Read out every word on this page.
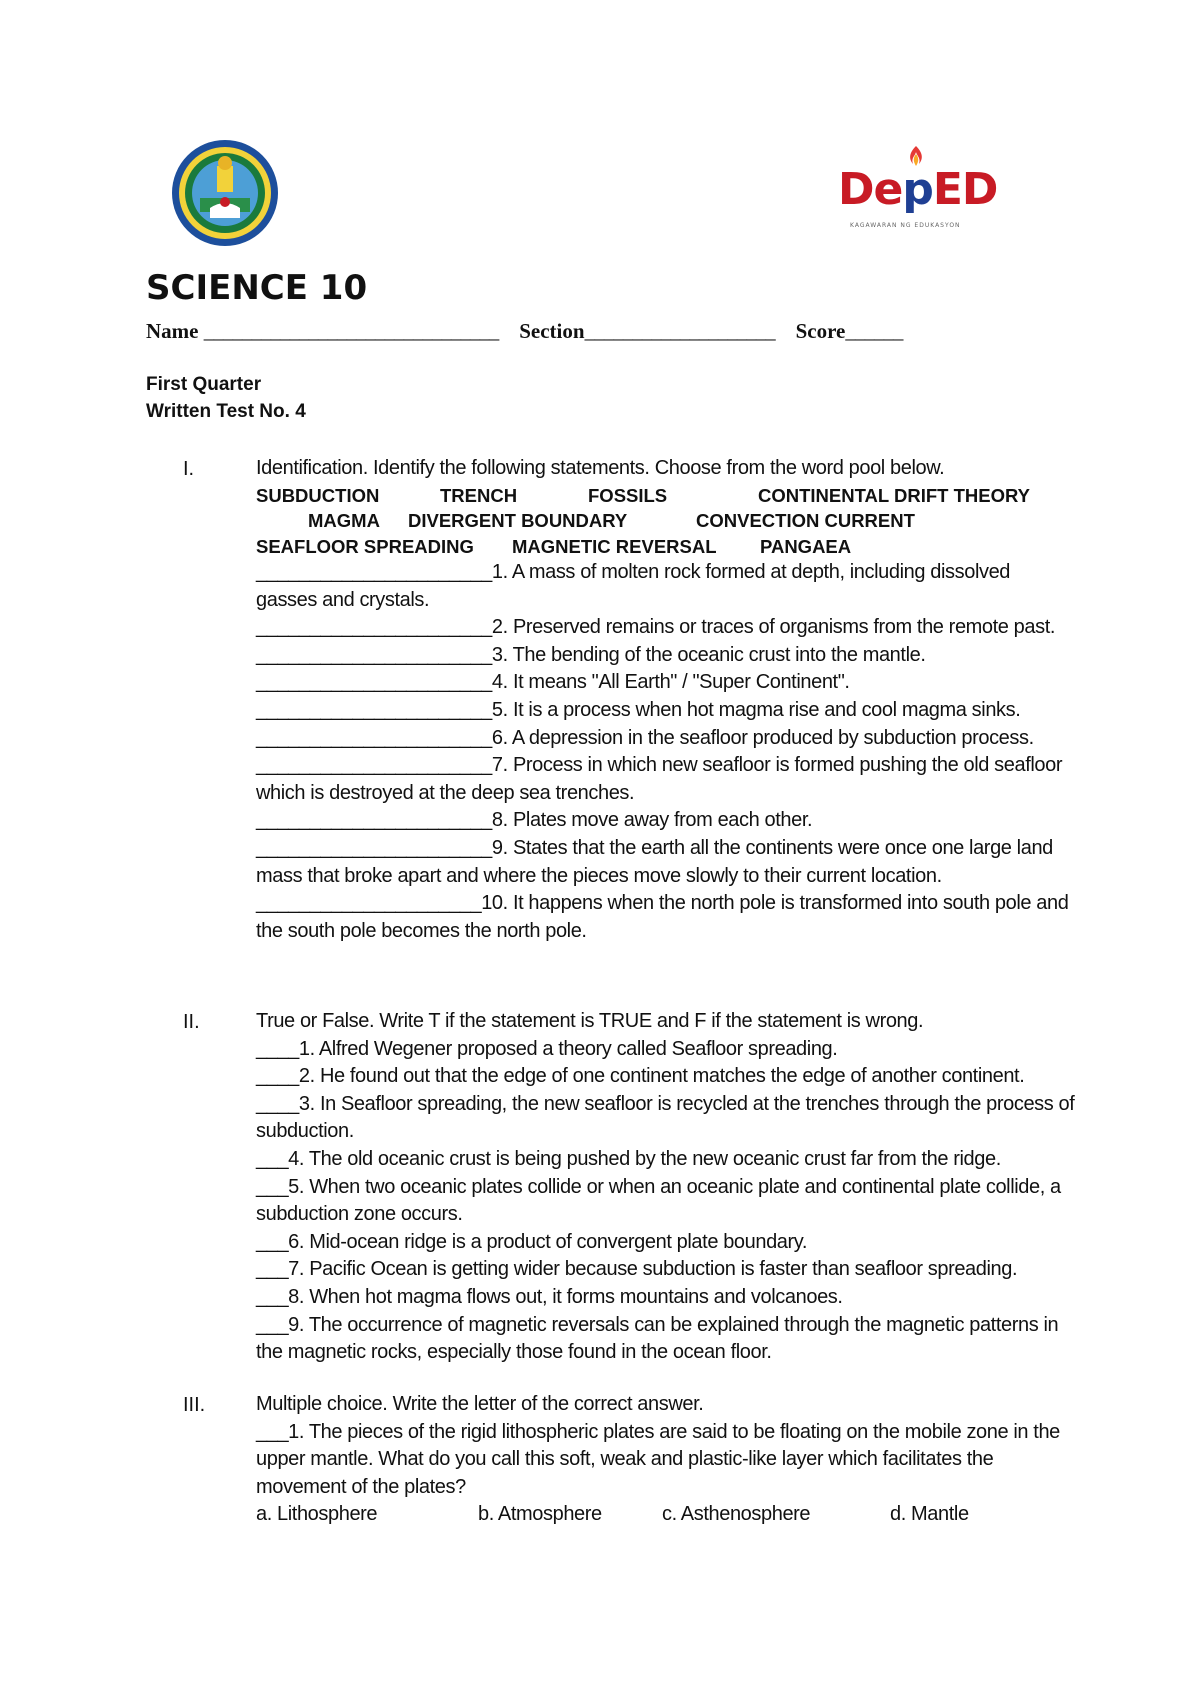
DepED
KAGAWARAN NG EDUKASYON
SCIENCE 10
Name _______________________________ Section____________________ Score______
First Quarter
Written Test No. 4
I.	Identification. Identify the following statements. Choose from the word pool below.
SUBDUCTION	TRENCH	FOSSILS	CONTINENTAL DRIFT THEORY
MAGMA DIVERGENT BOUNDARY	CONVECTION CURRENT
SEAFLOOR SPREADING MAGNETIC REVERSAL PANGAEA
______________________1. A mass of molten rock formed at depth, including dissolved gasses and crystals.
______________________2. Preserved remains or traces of organisms from the remote past.
______________________3. The bending of the oceanic crust into the mantle.
______________________4. It means "All Earth" / "Super Continent".
______________________5. It is a process when hot magma rise and cool magma sinks.
______________________6. A depression in the seafloor produced by subduction process.
______________________7. Process in which new seafloor is formed pushing the old seafloor which is destroyed at the deep sea trenches.
______________________8. Plates move away from each other.
______________________9. States that the earth all the continents were once one large land mass that broke apart and where the pieces move slowly to their current location.
_____________________10. It happens when the north pole is transformed into south pole and the south pole becomes the north pole.
II.	True or False. Write T if the statement is TRUE and F if the statement is wrong.
____1. Alfred Wegener proposed a theory called Seafloor spreading.
____2. He found out that the edge of one continent matches the edge of another continent.
____3. In Seafloor spreading, the new seafloor is recycled at the trenches through the process of subduction.
___4. The old oceanic crust is being pushed by the new oceanic crust far from the ridge.
___5. When two oceanic plates collide or when an oceanic plate and continental plate collide, a subduction zone occurs.
___6. Mid-ocean ridge is a product of convergent plate boundary.
___7. Pacific Ocean is getting wider because subduction is faster than seafloor spreading.
___8. When hot magma flows out, it forms mountains and volcanoes.
___9. The occurrence of magnetic reversals can be explained through the magnetic patterns in the magnetic rocks, especially those found in the ocean floor.
III.	Multiple choice. Write the letter of the correct answer.
___1. The pieces of the rigid lithospheric plates are said to be floating on the mobile zone in the upper mantle. What do you call this soft, weak and plastic-like layer which facilitates the movement of the plates?
a. Lithosphere	b. Atmosphere	c. Asthenosphere	d. Mantle
